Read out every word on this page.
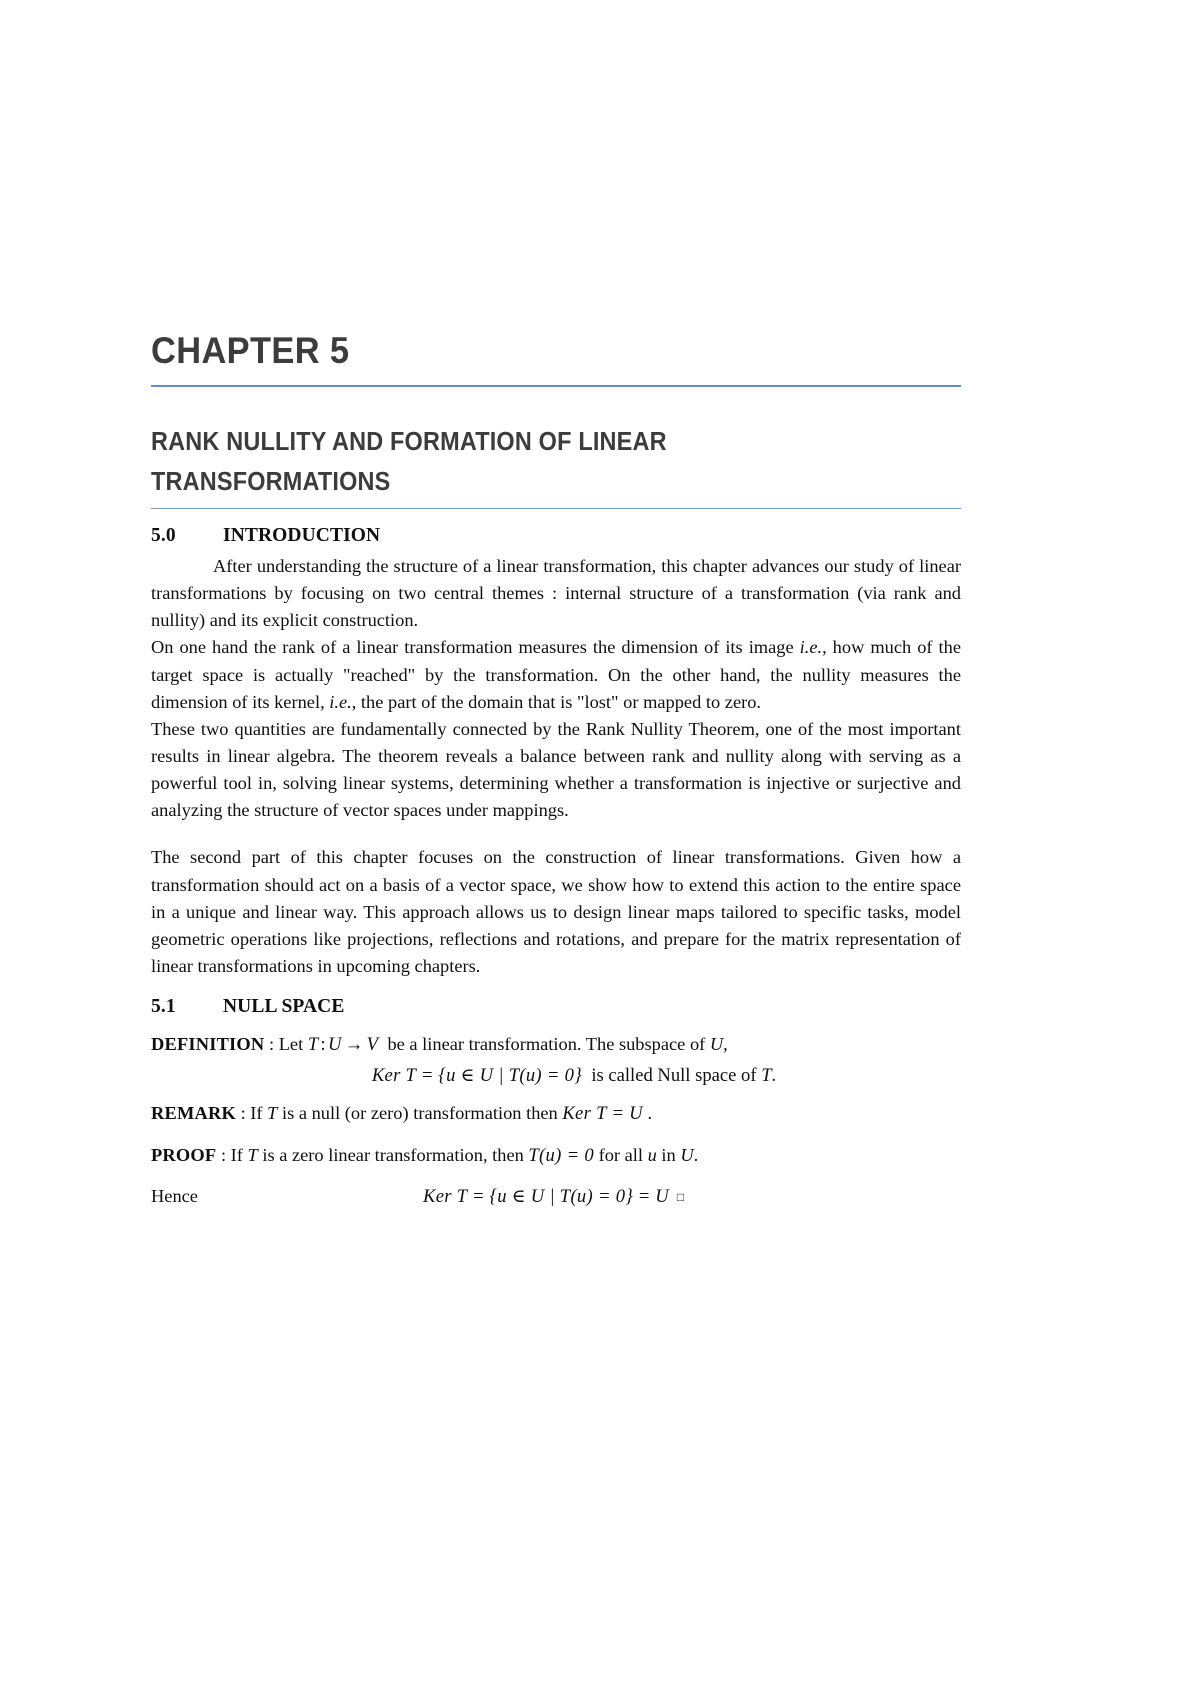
CHAPTER 5
RANK NULLITY AND FORMATION OF LINEAR
TRANSFORMATIONS
5.0 INTRODUCTION

After understanding the structure of a linear transformation, this chapter advances our study of linear transformations by focusing on two central themes : internal structure of a transformation (via rank and nullity) and its explicit construction.

On one hand the rank of a linear transformation measures the dimension of its image i.e., how much of the target space is actually "reached" by the transformation. On the other hand, the nullity measures the dimension of its kernel, i.e., the part of the domain that is "lost" or mapped to zero.

These two quantities are fundamentally connected by the Rank Nullity Theorem, one of the most important results in linear algebra. The theorem reveals a balance between rank and nullity along with serving as a powerful tool in, solving linear systems, determining whether a transformation is injective or surjective and analyzing the structure of vector spaces under mappings.

The second part of this chapter focuses on the construction of linear transformations. Given how a transformation should act on a basis of a vector space, we show how to extend this action to the entire space in a unique and linear way. This approach allows us to design linear maps tailored to specific tasks, model geometric operations like projections, reflections and rotations, and prepare for the matrix representation of linear transformations in upcoming chapters.

5.1 NULL SPACE
DEFINITION : Let T : U → V be a linear transformation. The subspace of U,
Ker T = {u ∈ U | T(u) = 0} is called Null space of T.
REMARK : If T is a null (or zero) transformation then Ker T = U .
PROOF : If T is a zero linear transformation, then T(u) = 0 for all u in U.
Hence	Ker T = {u ∈ U | T(u) = 0} = U □
